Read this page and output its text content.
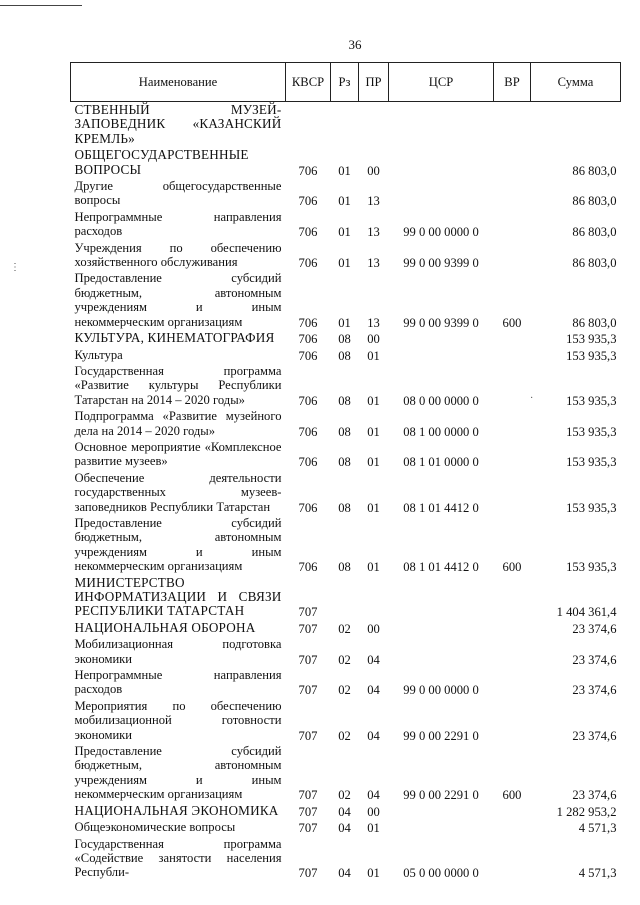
36
Наименование	КВСР	Рз	ПР	ЦСР	ВР	Сумма
СТВЕННЫЙ МУЗЕЙ-ЗАПОВЕДНИК «КАЗАНСКИЙ КРЕМЛЬ»						
ОБЩЕГОСУДАРСТВЕННЫЕ ВОПРОСЫ	706	01	00			86 803,0
Другие общегосударственные вопросы	706	01	13			86 803,0
Непрограммные направления расходов	706	01	13	99 0 00 0000 0		86 803,0
Учреждения по обеспечению хозяйственного обслуживания	706	01	13	99 0 00 9399 0		86 803,0
Предоставление субсидий бюджетным, автономным учреждениям и иным некоммерческим организациям	706	01	13	99 0 00 9399 0	600	86 803,0
КУЛЬТУРА, КИНЕМАТОГРАФИЯ	706	08	00			153 935,3
Культура	706	08	01			153 935,3
Государственная программа «Развитие культуры Республики Татарстан на 2014 – 2020 годы»	706	08	01	08 0 00 0000 0		153 935,3
Подпрограмма «Развитие музейного дела на 2014 – 2020 годы»	706	08	01	08 1 00 0000 0		153 935,3
Основное мероприятие «Комплексное развитие музеев»	706	08	01	08 1 01 0000 0		153 935,3
Обеспечение деятельности государственных музеев-заповедников Республики Татарстан	706	08	01	08 1 01 4412 0		153 935,3
Предоставление субсидий бюджетным, автономным учреждениям и иным некоммерческим организациям	706	08	01	08 1 01 4412 0	600	153 935,3
МИНИСТЕРСТВО ИНФОРМАТИЗАЦИИ И СВЯЗИ РЕСПУБЛИКИ ТАТАРСТАН	707					1 404 361,4
НАЦИОНАЛЬНАЯ ОБОРОНА	707	02	00			23 374,6
Мобилизационная подготовка экономики	707	02	04			23 374,6
Непрограммные направления расходов	707	02	04	99 0 00 0000 0		23 374,6
Мероприятия по обеспечению мобилизационной готовности экономики	707	02	04	99 0 00 2291 0		23 374,6
Предоставление субсидий бюджетным, автономным учреждениям и иным некоммерческим организациям	707	02	04	99 0 00 2291 0	600	23 374,6
НАЦИОНАЛЬНАЯ ЭКОНОМИКА	707	04	00			1 282 953,2
Общеэкономические вопросы	707	04	01			4 571,3
Государственная программа «Содействие занятости населения Республи-	707	04	01	05 0 00 0000 0		4 571,3
⋮
·
